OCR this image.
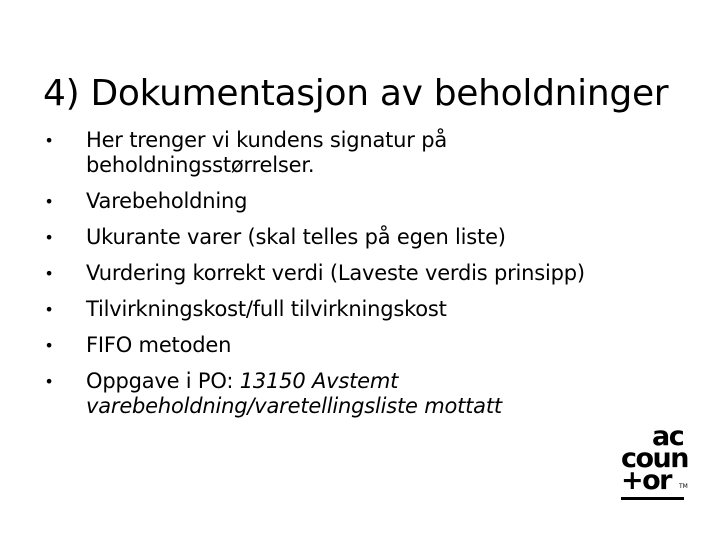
4) Dokumentasjon av beholdninger
• Her trenger vi kundens signatur på beholdningsstørrelser.
• Varebeholdning
• Ukurante varer (skal telles på egen liste)
• Vurdering korrekt verdi (Laveste verdis prinsipp)
• Tilvirkningskost/full tilvirkningskost
• FIFO metoden
• Oppgave i PO: 13150 Avstemt varebeholdning/varetellingsliste mottatt
ac
coun
+or TM
